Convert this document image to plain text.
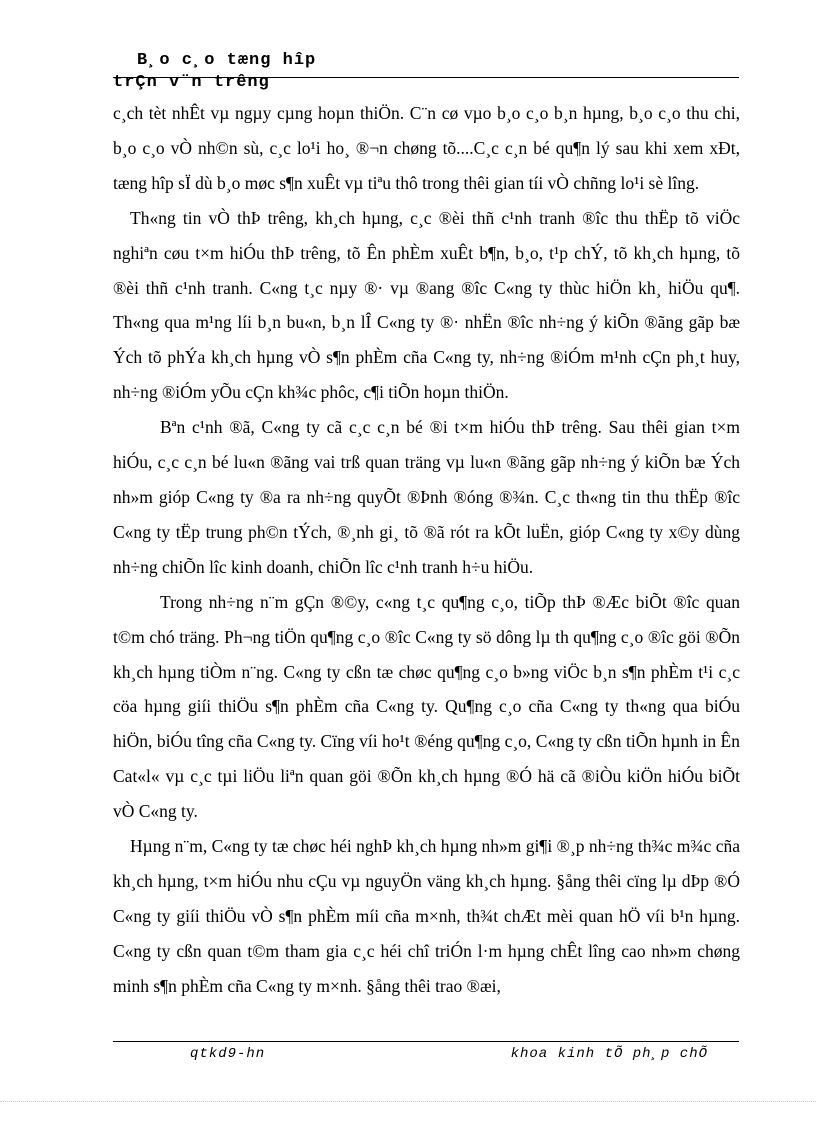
B¸o c¸o tæng hîp
trÇn v¨n trêng

c¸ch tèt nhÊt vµ ngµy cµng hoµn thiÖn. C¨n cø vµo b¸o c¸o b¸n hµng, b¸o c¸o thu chi, b¸o c¸o vÒ nh©n sù, c¸c lo¹i ho¸ ®¬n chøng tõ....C¸c c¸n bé qu¶n lý sau khi xem xÐt, tæng hîp sÏ dù b¸o møc s¶n xuÊt vµ tiªu thô trong thêi gian tíi vÒ chñng lo¹i sè lîng.

Th«ng tin vÒ thÞ trêng, kh¸ch hµng, c¸c ®èi thñ c¹nh tranh ®îc thu thËp tõ viÖc nghiªn cøu t×m hiÓu thÞ trêng, tõ Ên phÈm xuÊt b¶n, b¸o, t¹p chÝ, tõ kh¸ch hµng, tõ ®èi thñ c¹nh tranh. C«ng t¸c nµy ®· vµ ®ang ®îc C«ng ty thùc hiÖn kh¸ hiÖu qu¶. Th«ng qua m¹ng líi b¸n bu«n, b¸n lÎ C«ng ty ®· nhËn ®îc nh÷ng ý kiÕn ®ãng gãp bæ Ých tõ phÝa kh¸ch hµng vÒ s¶n phÈm cña C«ng ty, nh÷ng ®iÓm m¹nh cÇn ph¸t huy, nh÷ng ®iÓm yÕu cÇn kh¾c phôc, c¶i tiÕn hoµn thiÖn.

Bªn c¹nh ®ã, C«ng ty cã c¸c c¸n bé ®i t×m hiÓu thÞ trêng. Sau thêi gian t×m hiÓu, c¸c c¸n bé lu«n ®ãng vai trß quan träng vµ lu«n ®ãng gãp nh÷ng ý kiÕn bæ Ých nh»m gióp C«ng ty ®a ra nh÷ng quyÕt ®Þnh ®óng ®¾n. C¸c th«ng tin thu thËp ®îc C«ng ty tËp trung ph©n tÝch, ®¸nh gi¸ tõ ®ã rót ra kÕt luËn, gióp C«ng ty x©y dùng nh÷ng chiÕn lîc kinh doanh, chiÕn lîc c¹nh tranh h÷u hiÖu.

Trong nh÷ng n¨m gÇn ®©y, c«ng t¸c qu¶ng c¸o, tiÕp thÞ ®Æc biÕt ®îc quan t©m chó träng. Ph¬ng tiÖn qu¶ng c¸o ®îc C«ng ty sö dông lµ th qu¶ng c¸o ®îc göi ®Õn kh¸ch hµng tiÒm n¨ng. C«ng ty cßn tæ chøc qu¶ng c¸o b»ng viÖc b¸n s¶n phÈm t¹i c¸c cöa hµng giíi thiÖu s¶n phÈm cña C«ng ty. Qu¶ng c¸o cña C«ng ty th«ng qua biÓu hiÖn, biÓu tîng cña C«ng ty. Cïng víi ho¹t ®éng qu¶ng c¸o, C«ng ty cßn tiÕn hµnh in Ên Cat«l« vµ c¸c tµi liÖu liªn quan göi ®Õn kh¸ch hµng ®Ó hä cã ®iÒu kiÖn hiÓu biÕt vÒ C«ng ty.

Hµng n¨m, C«ng ty tæ chøc héi nghÞ kh¸ch hµng nh»m gi¶i ®¸p nh÷ng th¾c m¾c cña kh¸ch hµng, t×m hiÓu nhu cÇu vµ nguyÖn väng kh¸ch hµng. §ång thêi cïng lµ dÞp ®Ó C«ng ty giíi thiÖu vÒ s¶n phÈm míi cña m×nh, th¾t chÆt mèi quan hÖ víi b¹n hµng. C«ng ty cßn quan t©m tham gia c¸c héi chî triÓn l·m hµng chÊt lîng cao nh»m chøng minh s¶n phÈm cña C«ng ty m×nh. §ång thêi trao ®æi,

qtkd9-hn	khoa kinh tÕ ph¸p chÕ
